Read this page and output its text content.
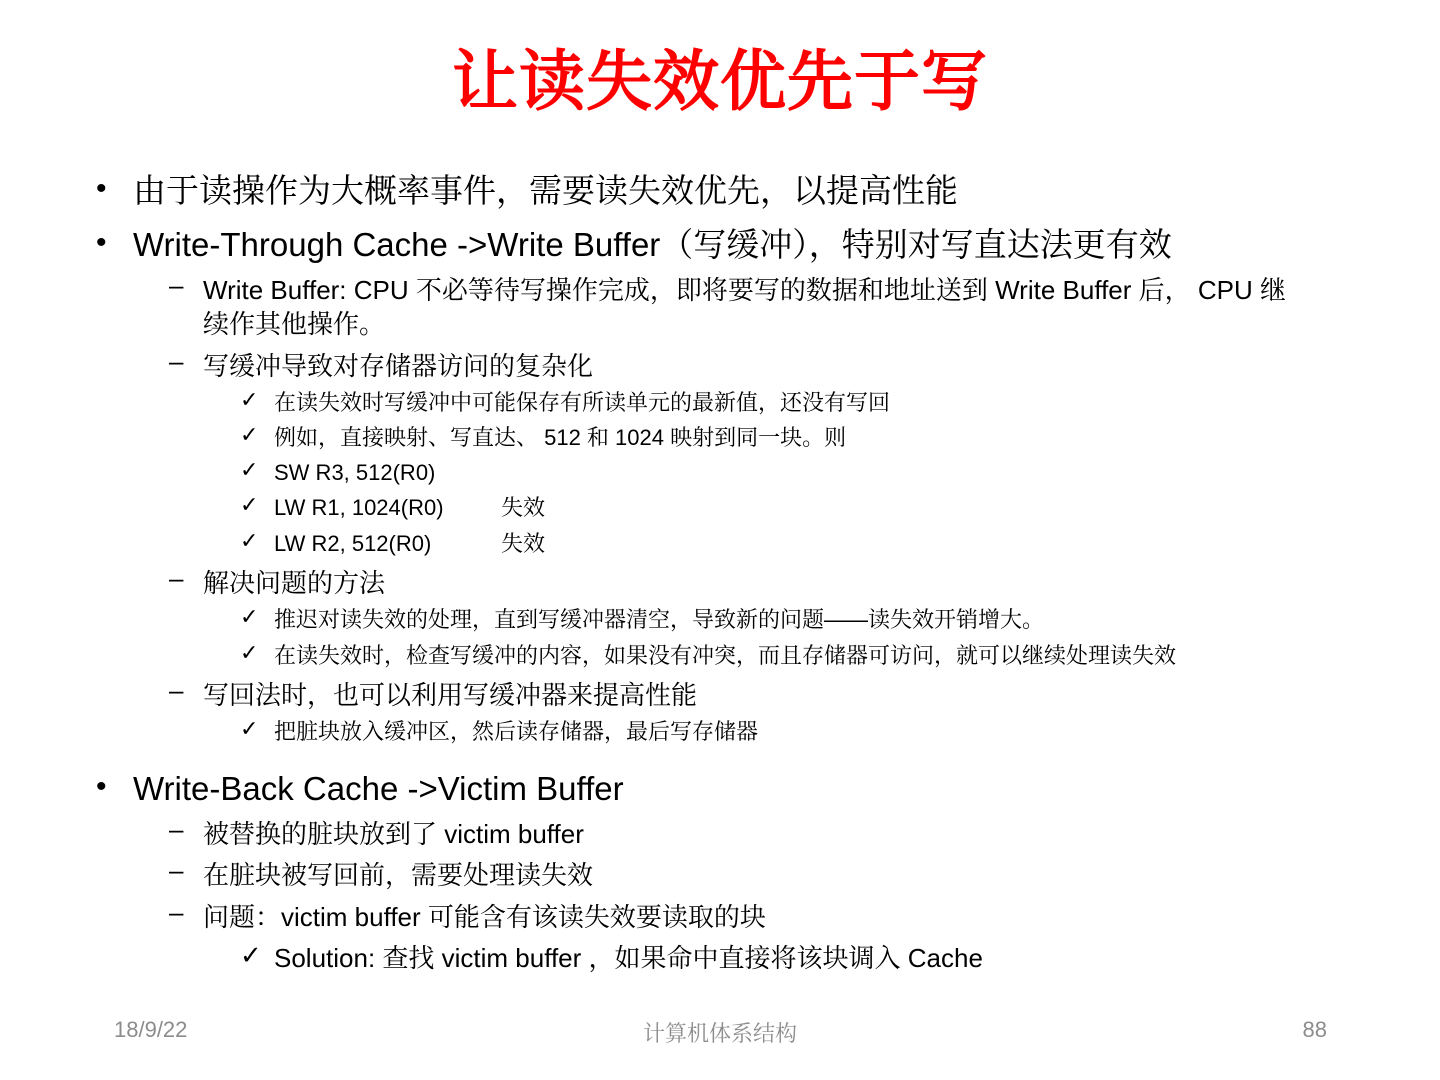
让读失效优先于写
• 由于读操作为大概率事件，需要读失效优先，以提高性能
• Write-Through Cache ->Write Buffer（写缓冲），特别对写直达法更有效
– Write Buffer: CPU 不必等待写操作完成，即将要写的数据和地址送到 Write Buffer 后， CPU 继
续作其他操作。
– 写缓冲导致对存储器访问的复杂化
✓ 在读失效时写缓冲中可能保存有所读单元的最新值，还没有写回
✓ 例如，直接映射、写直达、 512 和 1024 映射到同一块。则
✓ SW R3, 512(R0)
✓ LW R1, 1024(R0)	失效
✓ LW R2, 512(R0)	失效
– 解决问题的方法
✓ 推迟对读失效的处理，直到写缓冲器清空，导致新的问题——读失效开销增大。
✓ 在读失效时，检查写缓冲的内容，如果没有冲突，而且存储器可访问，就可以继续处理读失效
– 写回法时，也可以利用写缓冲器来提高性能
✓ 把脏块放入缓冲区，然后读存储器，最后写存储器
• Write-Back Cache ->Victim Buffer
– 被替换的脏块放到了 victim buffer
– 在脏块被写回前，需要处理读失效
– 问题：victim buffer 可能含有该读失效要读取的块
✓ Solution: 查找 victim buffer ，如果命中直接将该块调入 Cache
18/9/22	计算机体系结构	88
